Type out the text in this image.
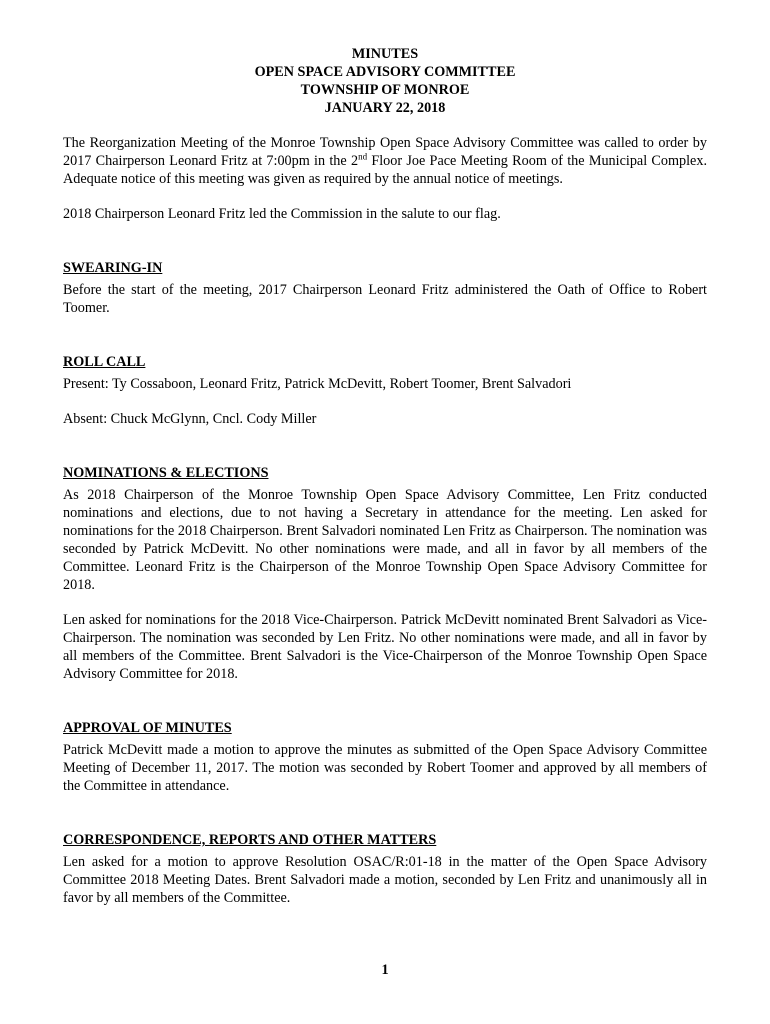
MINUTES
OPEN SPACE ADVISORY COMMITTEE
TOWNSHIP OF MONROE
JANUARY 22, 2018

The Reorganization Meeting of the Monroe Township Open Space Advisory Committee was called to order by 2017 Chairperson Leonard Fritz at 7:00pm in the 2nd Floor Joe Pace Meeting Room of the Municipal Complex. Adequate notice of this meeting was given as required by the annual notice of meetings.

2018 Chairperson Leonard Fritz led the Commission in the salute to our flag.

SWEARING-IN

Before the start of the meeting, 2017 Chairperson Leonard Fritz administered the Oath of Office to Robert Toomer.

ROLL CALL

Present: Ty Cossaboon, Leonard Fritz, Patrick McDevitt, Robert Toomer, Brent Salvadori

Absent: Chuck McGlynn, Cncl. Cody Miller

NOMINATIONS & ELECTIONS

As 2018 Chairperson of the Monroe Township Open Space Advisory Committee, Len Fritz conducted nominations and elections, due to not having a Secretary in attendance for the meeting. Len asked for nominations for the 2018 Chairperson. Brent Salvadori nominated Len Fritz as Chairperson. The nomination was seconded by Patrick McDevitt. No other nominations were made, and all in favor by all members of the Committee. Leonard Fritz is the Chairperson of the Monroe Township Open Space Advisory Committee for 2018.

Len asked for nominations for the 2018 Vice-Chairperson. Patrick McDevitt nominated Brent Salvadori as Vice-Chairperson. The nomination was seconded by Len Fritz. No other nominations were made, and all in favor by all members of the Committee. Brent Salvadori is the Vice-Chairperson of the Monroe Township Open Space Advisory Committee for 2018.

APPROVAL OF MINUTES

Patrick McDevitt made a motion to approve the minutes as submitted of the Open Space Advisory Committee Meeting of December 11, 2017. The motion was seconded by Robert Toomer and approved by all members of the Committee in attendance.

CORRESPONDENCE, REPORTS AND OTHER MATTERS

Len asked for a motion to approve Resolution OSAC/R:01-18 in the matter of the Open Space Advisory Committee 2018 Meeting Dates. Brent Salvadori made a motion, seconded by Len Fritz and unanimously all in favor by all members of the Committee.

1
